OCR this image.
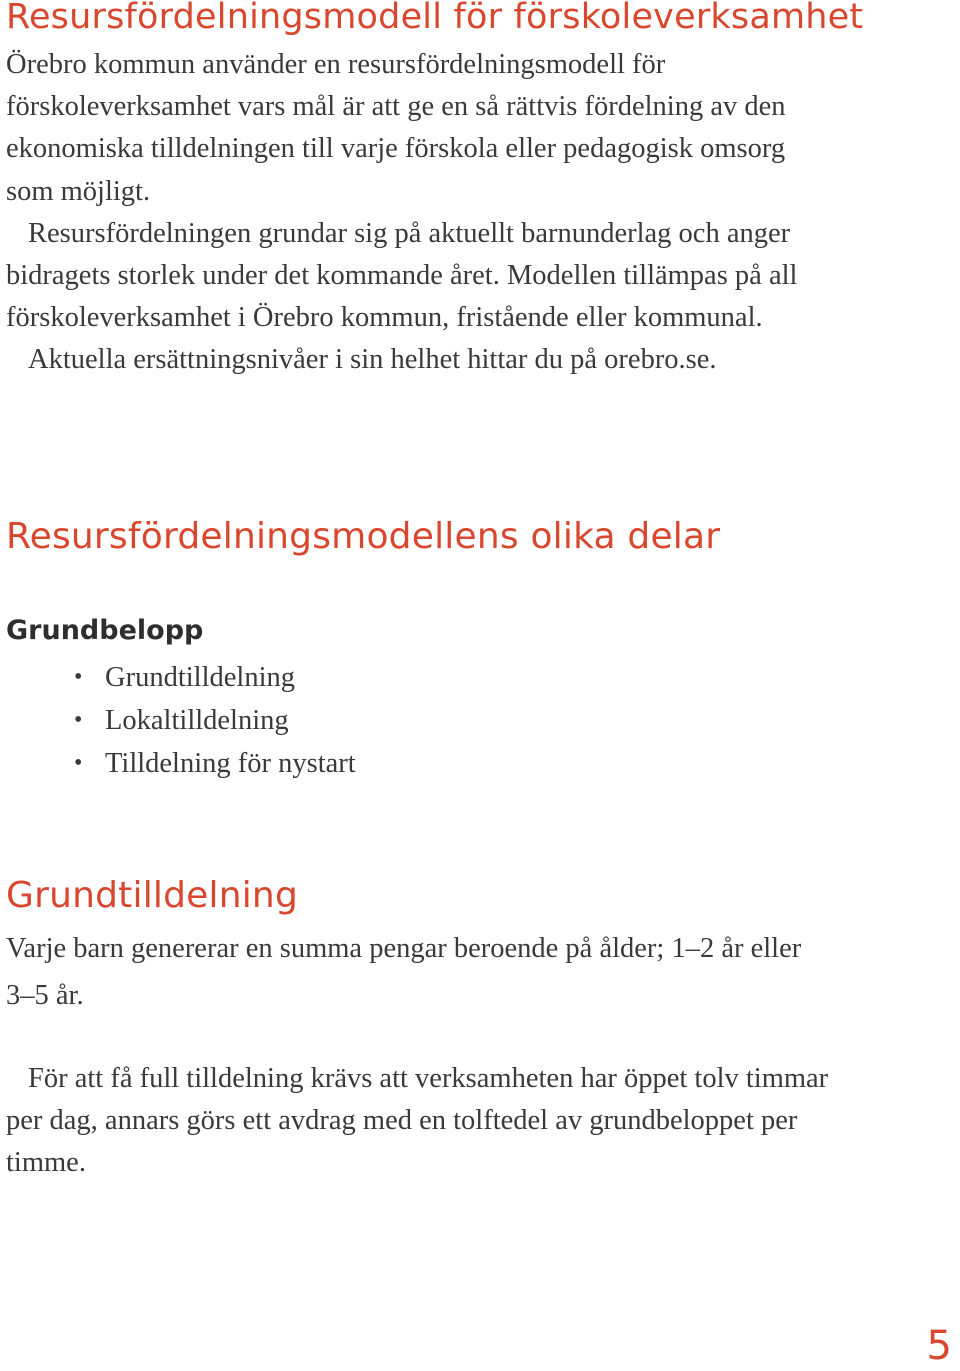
Resursfördelningsmodell för förskoleverksamhet

Örebro kommun använder en resursfördelningsmodell för
förskoleverksamhet vars mål är att ge en så rättvis fördelning av den
ekonomiska tilldelningen till varje förskola eller pedagogisk omsorg
som möjligt.
Resursfördelningen grundar sig på aktuellt barnunderlag och anger
bidragets storlek under det kommande året. Modellen tillämpas på all
förskoleverksamhet i Örebro kommun, fristående eller kommunal.
Aktuella ersättningsnivåer i sin helhet hittar du på orebro.se.

Resursfördelningsmodellens olika delar
Grundbelopp
• Grundtilldelning
• Lokaltilldelning
• Tilldelning för nystart
Grundtilldelning

Varje barn genererar en summa pengar beroende på ålder; 1–2 år eller
3–5 år.

För att få full tilldelning krävs att verksamheten har öppet tolv timmar
per dag, annars görs ett avdrag med en tolftedel av grundbeloppet per
timme.

5
